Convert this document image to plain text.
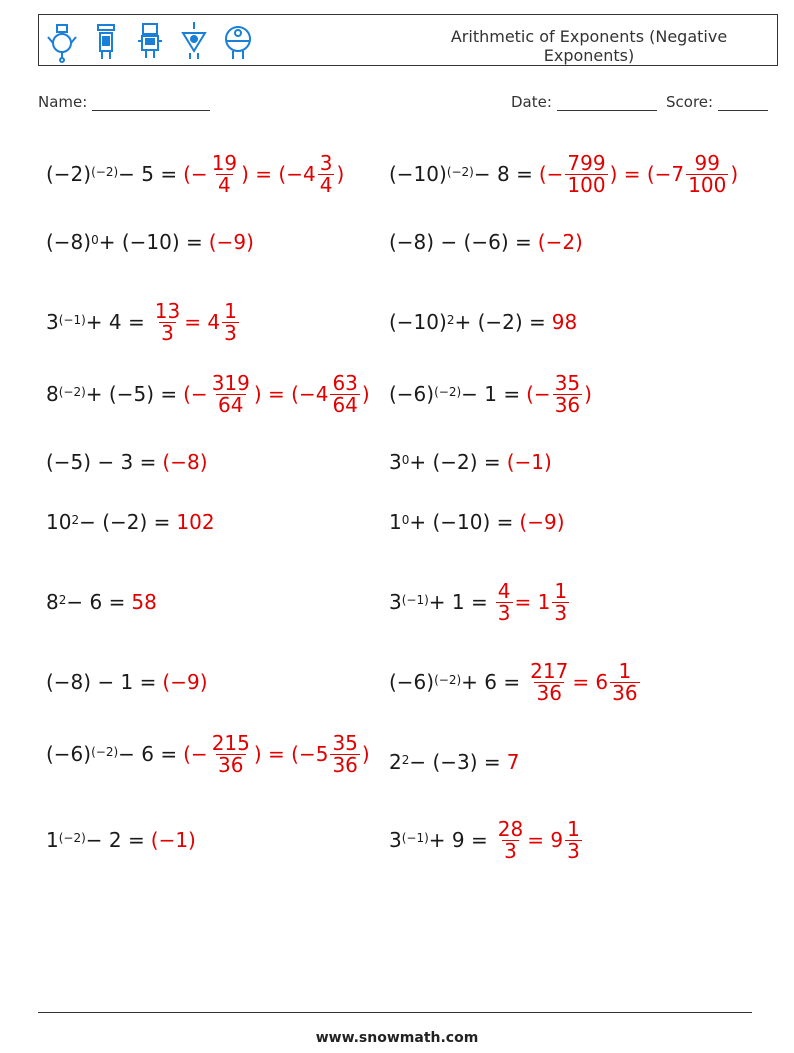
Arithmetic of Exponents (Negative Exponents)
Name:	Date:	Score:
$(-2)^{(-2)} - 5$ = (− $\frac{19}{4}$ ) = ($-4 \frac{3}{4}$ )
$(-8)^0 + (-10) = (-9)$
$3^{(-1)} + 4 = \frac{13}{3} = 4 \frac{1}{3}$
$8^{(-2)} + (-5)$ = (− $\frac{319}{64}$ ) = ($-4 \frac{63}{64}$ )
(−5) − 3 = (−8)
$10^2 - (-2) = 102$
$8^2 - 6 = 58$
(−8) − 1 = (−9)
$(-6)^{(-2)} - 6$ = (− $\frac{215}{36}$ ) = ($-5 \frac{35}{36}$ )
$1^{(-2)} - 2 = (-1)$
$(-10)^{(-2)} - 8$ = (− $\frac{799}{100}$ ) = ($-7 \frac{99}{100}$ )
(−8) − (−6) = (−2)
$(-10)^2 + (-2) = 98$
$(-6)^{(-2)} - 1$ = (− $\frac{35}{36}$ )
$3^0 + (-2) = (-1)$
$1^0 + (-10) = (-9)$
$3^{(-1)} + 1 = \frac{4}{3} = 1 \frac{1}{3}$
$(-6)^{(-2)} + 6 = \frac{217}{36} = 6 \frac{1}{36}$
$2^2 - (-3) = 7$
$3^{(-1)} + 9 = \frac{28}{3} = 9 \frac{1}{3}$
www.snowmath.com
